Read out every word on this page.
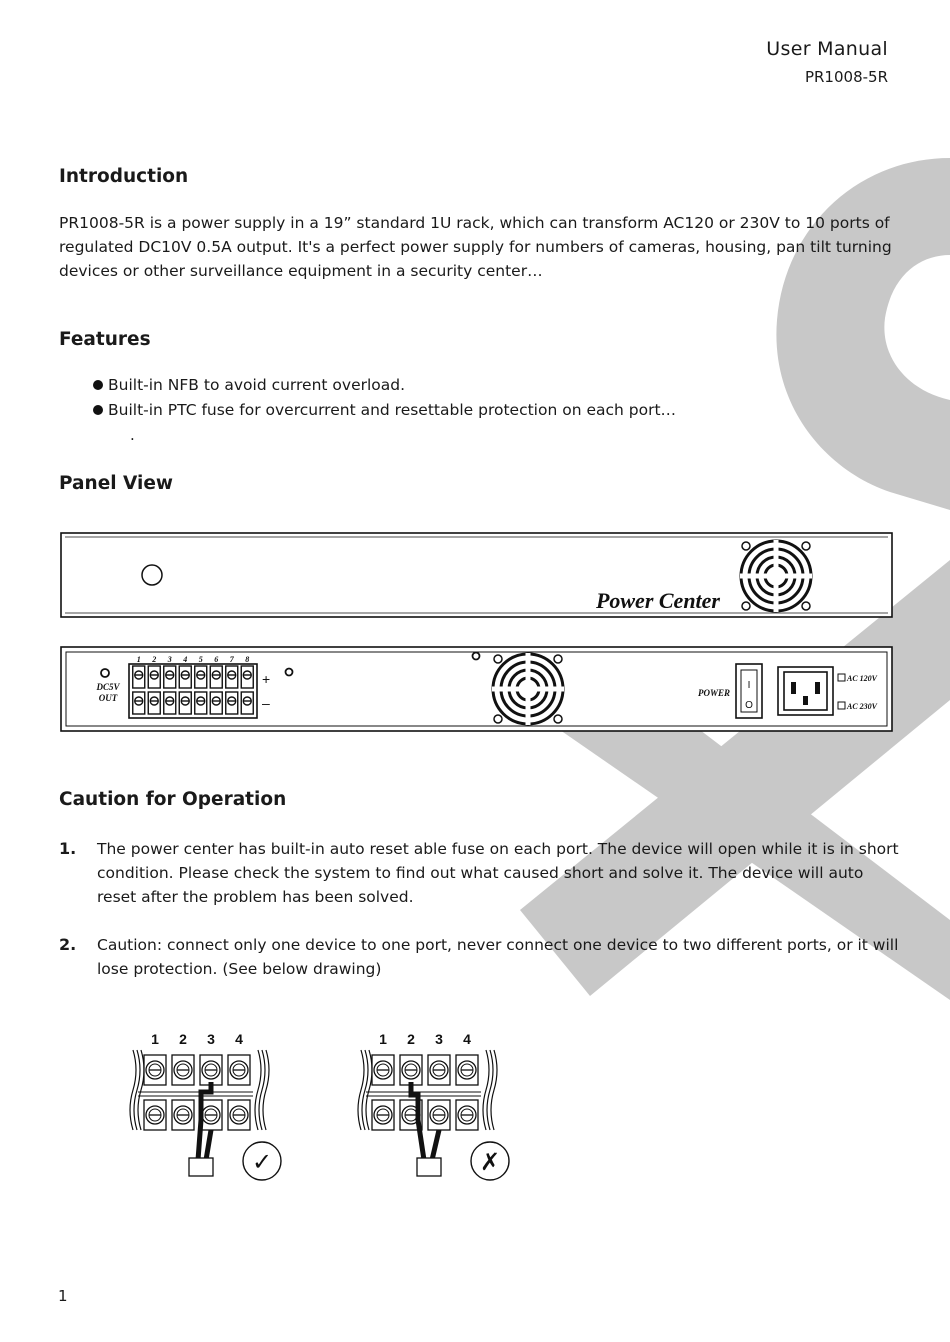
User Manual
PR1008-5R
Introduction

PR1008-5R is a power supply in a 19” standard 1U rack, which can transform AC120 or 230V to 10 ports of regulated DC10V 0.5A output. It's a perfect power supply for numbers of cameras, housing, pan tilt turning devices or other surveillance equipment in a security center…

Features
Built-in NFB to avoid current overload.
Built-in PTC fuse for overcurrent and resettable protection on each port…
.
Panel View
Power Center
DC5V
OUT
1 2 3 4 5 6 7 8
+
–
POWER
I
O
AC 120V
AC 230V
Caution for Operation
1. The power center has built-in auto reset able fuse on each port. The device will open while it is in short condition. Please check the system to find out what caused short and solve it. The device will auto reset after the problem has been solved.
2. Caution: connect only one device to one port, never connect one device to two different ports, or it will lose protection. (See below drawing)
1 2 3 4
✓
1 2 3 4
✗
1
